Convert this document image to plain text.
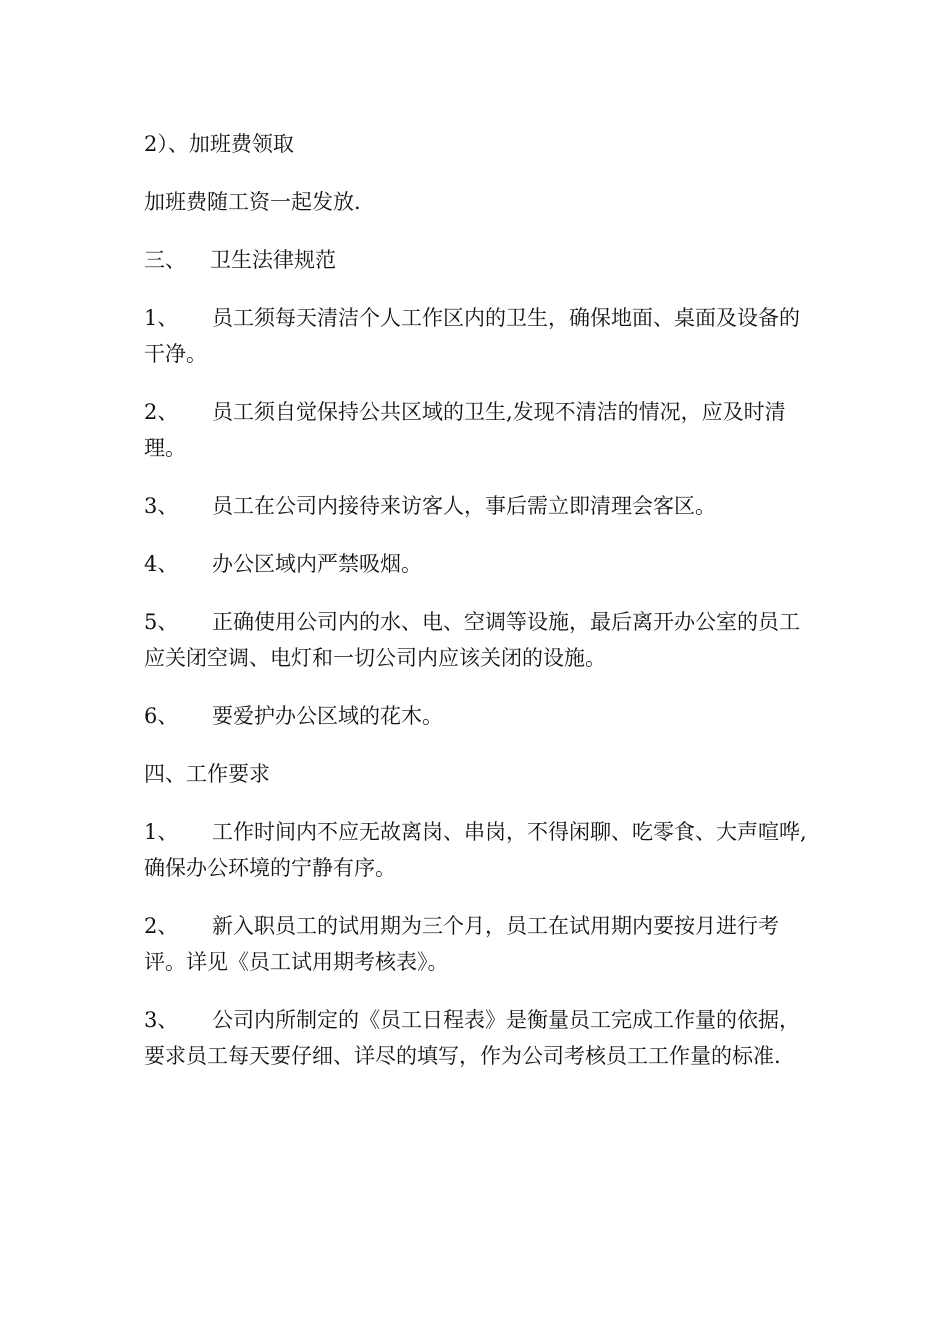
2）、加班费领取

加班费随工资一起发放.

三、 卫生法律规范

1、 员工须每天清洁个人工作区内的卫生，确保地面、桌面及设备的干净。

2、 员工须自觉保持公共区域的卫生,发现不清洁的情况，应及时清理。

3、 员工在公司内接待来访客人，事后需立即清理会客区。

4、 办公区域内严禁吸烟。

5、 正确使用公司内的水、电、空调等设施，最后离开办公室的员工应关闭空调、电灯和一切公司内应该关闭的设施。

6、 要爱护办公区域的花木。

四、工作要求

1、 工作时间内不应无故离岗、串岗，不得闲聊、吃零食、大声喧哗,确保办公环境的宁静有序。

2、 新入职员工的试用期为三个月，员工在试用期内要按月进行考评。详见《员工试用期考核表》。

3、 公司内所制定的《员工日程表》是衡量员工完成工作量的依据，要求员工每天要仔细、详尽的填写，作为公司考核员工工作量的标准.
